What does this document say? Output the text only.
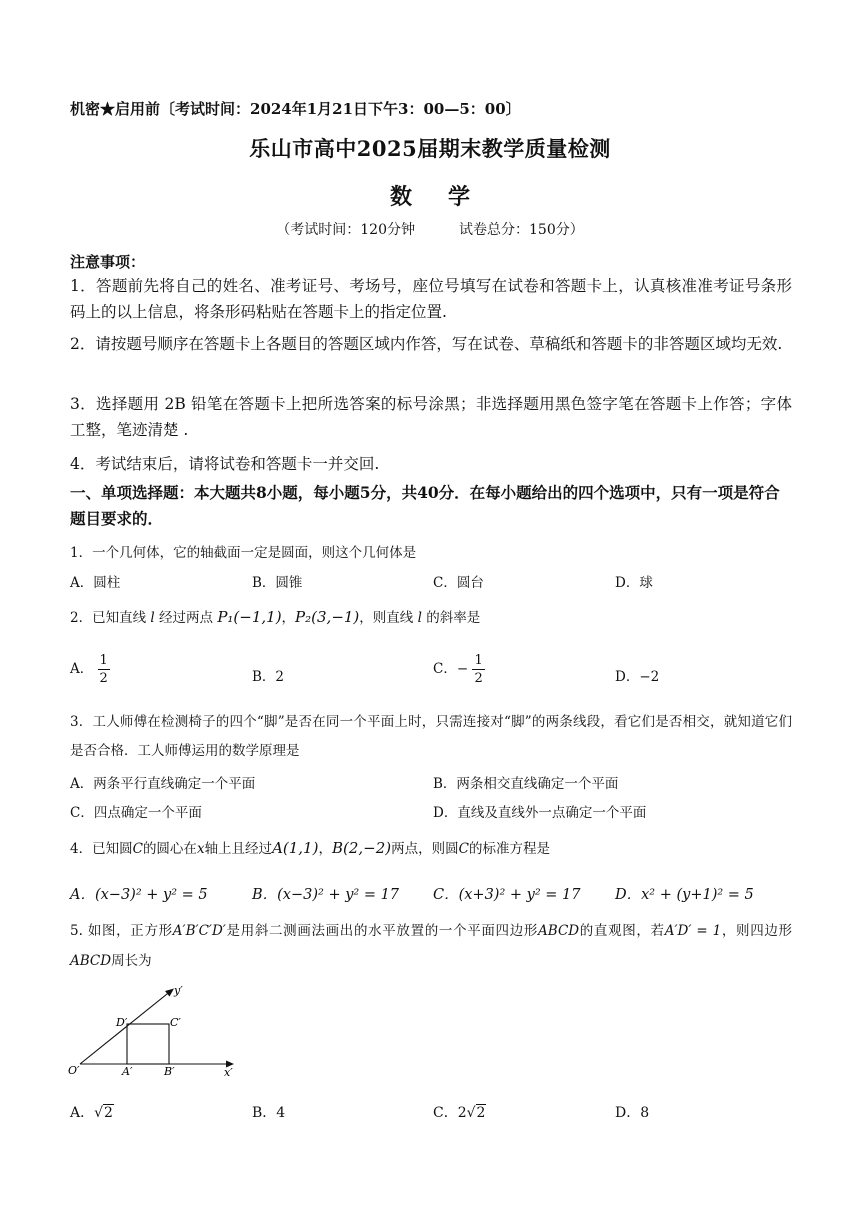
机密★启用前〔考试时间：2024年1月21日下午3：00—5：00〕
乐山市高中2025届期末教学质量检测
数学
（考试时间：120分钟	试卷总分：150分）
注意事项：
1．答题前先将自己的姓名、准考证号、考场号，座位号填写在试卷和答题卡上，认真核准准考证号条形码上的以上信息，将条形码粘贴在答题卡上的指定位置.
2．请按题号顺序在答题卡上各题目的答题区域内作答，写在试卷、草稿纸和答题卡的非答题区域均无效.
3．选择题用 2B 铅笔在答题卡上把所选答案的标号涂黑；非选择题用黑色签字笔在答题卡上作答；字体工整，笔迹清楚 .
4．考试结束后，请将试卷和答题卡一并交回.
一、单项选择题：本大题共8小题，每小题5分，共40分．在每小题给出的四个选项中，只有一项是符合题目要求的．
1．一个几何体，它的轴截面一定是圆面，则这个几何体是
A．圆柱	B．圆锥	C．圆台	D．球
2．已知直线 l 经过两点 P₁(−1,1)，P₂(3,−1)，则直线 l 的斜率是
A． $\frac{1}{2}$	B．2	C．− $\frac{1}{2}$	D．−2
3．工人师傅在检测椅子的四个“脚”是否在同一个平面上时，只需连接对“脚”的两条线段，看它们是否相交，就知道它们是否合格．工人师傅运用的数学原理是
A．两条平行直线确定一个平面	B．两条相交直线确定一个平面
C．四点确定一个平面	D．直线及直线外一点确定一个平面
4．已知圆C的圆心在x轴上且经过A(1,1)，B(2,−2)两点，则圆C的标准方程是
A．(x−3)² + y² = 5	B．(x−3)² + y² = 17 C．(x+3)² + y² = 17 D．x² + (y+1)² = 5
5. 如图，正方形A′B′C′D′是用斜二测画法画出的水平放置的一个平面四边形ABCD的直观图，若A′D′ = 1，则四边形ABCD周长为
O′	A′	B′
C′
D′
x′
y′
A．√2	B．4	C．2√2	D．8
